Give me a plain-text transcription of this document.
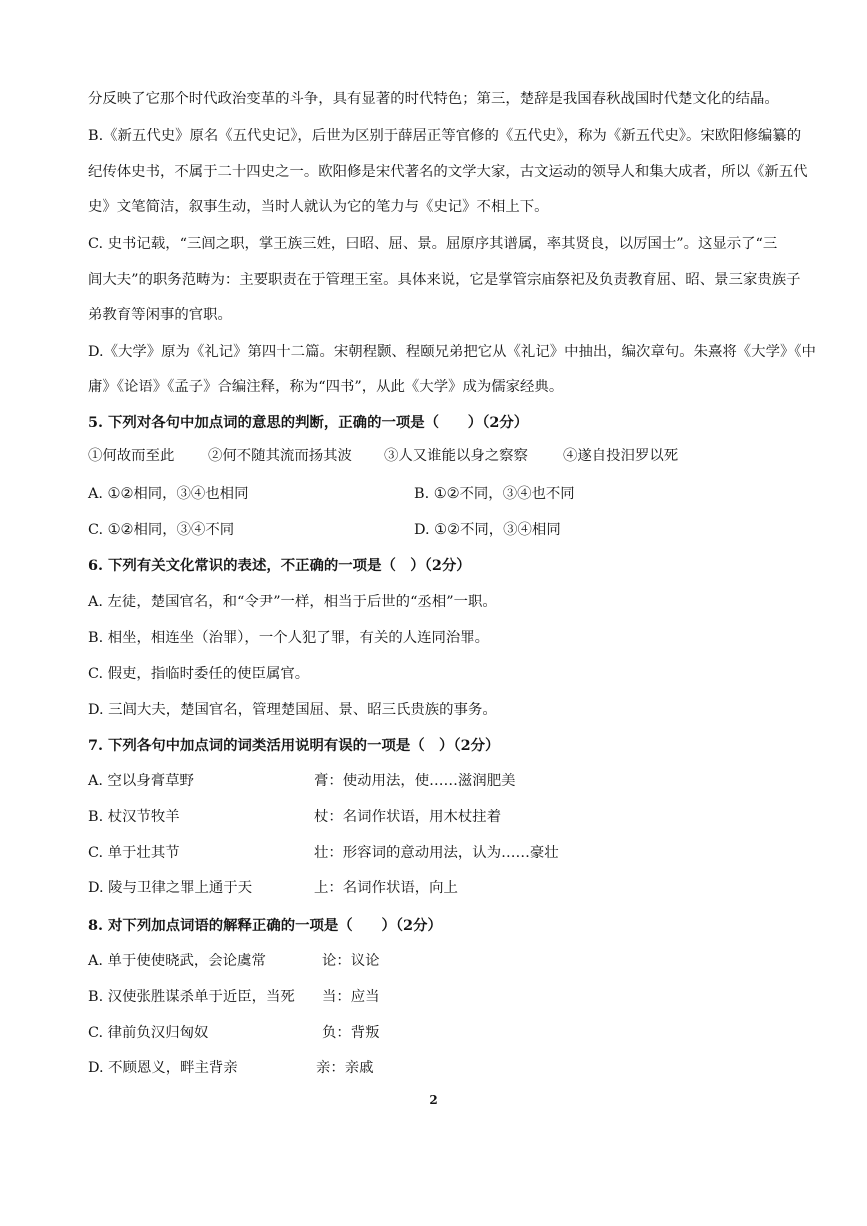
分反映了它那个时代政治变革的斗争，具有显著的时代特色；第三，楚辞是我国春秋战国时代楚文化的结晶。
B.《新五代史》原名《五代史记》，后世为区别于薛居正等官修的《五代史》，称为《新五代史》。宋欧阳修编纂的
纪传体史书，不属于二十四史之一。欧阳修是宋代著名的文学大家，古文运动的领导人和集大成者，所以《新五代
史》文笔简洁，叙事生动，当时人就认为它的笔力与《史记》不相上下。
C. 史书记载，“三闾之职，掌王族三姓，曰昭、屈、景。屈原序其谱属，率其贤良，以厉国士”。这显示了“三
闾大夫”的职务范畴为：主要职责在于管理王室。具体来说，它是掌管宗庙祭祀及负责教育屈、昭、景三家贵族子
弟教育等闲事的官职。
D.《大学》原为《礼记》第四十二篇。宋朝程颢、程颐兄弟把它从《礼记》中抽出，编次章句。朱熹将《大学》《中
庸》《论语》《孟子》合编注释，称为“四书”，从此《大学》成为儒家经典。
5. 下列对各句中加点词的意思的判断，正确的一项是（　　）（2分）
①何故而至此 ②何不随其流而扬其波 ③人又谁能以身之察察 ④遂自投汨罗以死
A. ①②相同，③④也相同	B. ①②不同，③④也不同
C. ①②相同，③④不同	D. ①②不同，③④相同
6. 下列有关文化常识的表述，不正确的一项是（　）（2分）
A. 左徒，楚国官名，和“令尹”一样，相当于后世的“丞相”一职。
B. 相坐，相连坐（治罪），一个人犯了罪，有关的人连同治罪。
C. 假吏，指临时委任的使臣属官。
D. 三闾大夫，楚国官名，管理楚国屈、景、昭三氏贵族的事务。
7. 下列各句中加点词的词类活用说明有误的一项是（　）（2分）
A. 空以身膏草野	膏：使动用法，使……滋润肥美
B. 杖汉节牧羊	杖：名词作状语，用木杖拄着
C. 单于壮其节	壮：形容词的意动用法，认为……豪壮
D. 陵与卫律之罪上通于天	上：名词作状语，向上
8. 对下列加点词语的解释正确的一项是（　　）（2分）
A. 单于使使晓武，会论虞常	论：议论
B. 汉使张胜谋杀单于近臣，当死 当：应当
C. 律前负汉归匈奴	负：背叛
D. 不顾恩义，畔主背亲	亲：亲戚
2
